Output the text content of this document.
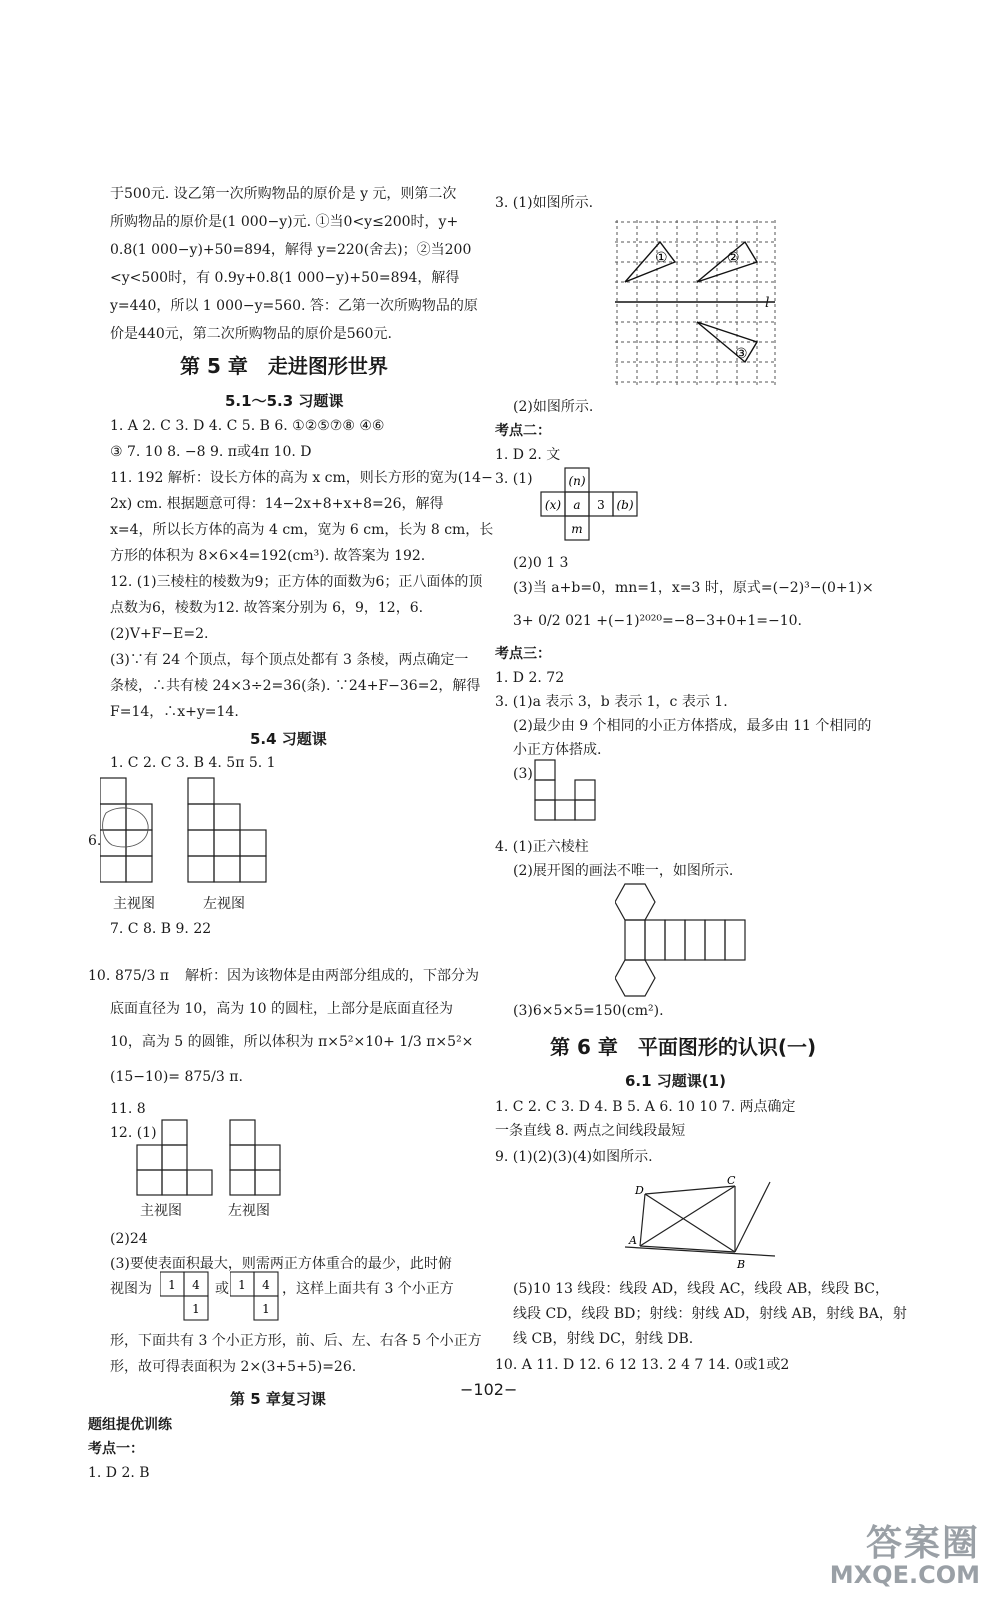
于500元. 设乙第一次所购物品的原价是 y 元，则第二次
所购物品的原价是(1 000−y)元. ①当0<y≤200时，y+
0.8(1 000−y)+50=894，解得 y=220(舍去)；②当200
<y<500时，有 0.9y+0.8(1 000−y)+50=894，解得
y=440，所以 1 000−y=560. 答：乙第一次所购物品的原
价是440元，第二次所购物品的原价是560元.
第 5 章　走进图形世界
5.1～5.3 习题课
1. A 2. C 3. D 4. C 5. B 6. ①②⑤⑦⑧ ④⑥
③ 7. 10 8. −8 9. π或4π 10. D
11. 192 解析：设长方体的高为 x cm，则长方形的宽为(14−
2x) cm. 根据题意可得：14−2x+8+x+8=26，解得
x=4，所以长方体的高为 4 cm，宽为 6 cm，长为 8 cm，长
方形的体积为 8×6×4=192(cm³). 故答案为 192.
12. (1)三棱柱的棱数为9；正方体的面数为6；正八面体的顶
点数为6，棱数为12. 故答案分别为 6，9，12，6.
(2)V+F−E=2.
(3)∵有 24 个顶点，每个顶点处都有 3 条棱，两点确定一
条棱，∴共有棱 24×3÷2=36(条). ∵24+F−36=2，解得
F=14，∴x+y=14.
5.4 习题课
1. C 2. C 3. B 4. 5π 5. 1
6.
主视图	左视图
7. C 8. B 9. 22
10. 875/3 π 解析：因为该物体是由两部分组成的，下部分为
底面直径为 10，高为 10 的圆柱，上部分是底面直径为
10，高为 5 的圆锥，所以体积为 π×5²×10+ 1/3 π×5²×
(15−10)= 875/3 π.
11. 8
12. (1)
主视图	左视图
(2)24
(3)要使表面积最大，则需两正方体重合的最少，此时俯
视图为 1 4
1
或 1 4
1
，这样上面共有 3 个小正方
形，下面共有 3 个小正方形，前、后、左、右各 5 个小正方
形，故可得表面积为 2×(3+5+5)=26.
第 5 章复习课
题组提优训练
考点一：
1. D 2. B
3. (1)如图所示.
①	②
③
l
(2)如图所示.
考点二：
1. D 2. 文
3. (1)	(n)
(x) a 3 (b)
m
(2)0 1 3
(3)当 a+b=0，mn=1，x=3 时，原式=(−2)³−(0+1)×
3+ 0/2 021 +(−1)²⁰²⁰=−8−3+0+1=−10.
考点三：
1. D 2. 72
3. (1)a 表示 3，b 表示 1，c 表示 1.
(2)最少由 9 个相同的小正方体搭成，最多由 11 个相同的
小正方体搭成.
(3)
4. (1)正六棱柱
(2)展开图的画法不唯一，如图所示.
(3)6×5×5=150(cm²).
第 6 章　平面图形的认识(一)
6.1 习题课(1)
1. C 2. C 3. D 4. B 5. A 6. 10 10 7. 两点确定
一条直线 8. 两点之间线段最短
9. (1)(2)(3)(4)如图所示.
D
C
A
B
(5)10 13 线段：线段 AD，线段 AC，线段 AB，线段 BC，
线段 CD，线段 BD；射线：射线 AD，射线 AB，射线 BA，射
线 CB，射线 DC，射线 DB.
10. A 11. D 12. 6 12 13. 2 4 7 14. 0或1或2
−102−
答案圈
MXQE.COM
